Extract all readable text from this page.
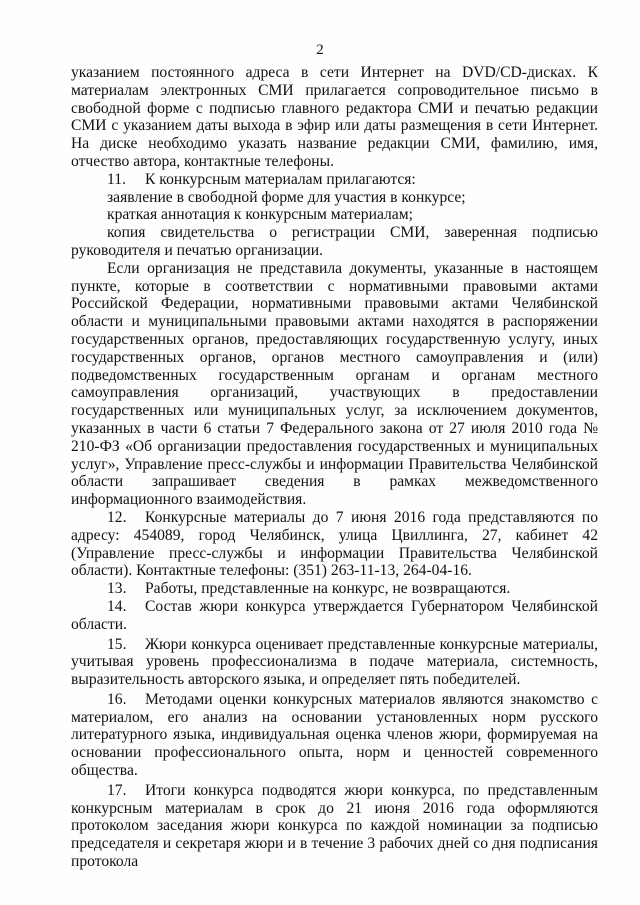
2

указанием постоянного адреса в сети Интернет на DVD/CD-дисках. К материалам электронных СМИ прилагается сопроводительное письмо в свободной форме с подписью главного редактора СМИ и печатью редакции СМИ с указанием даты выхода в эфир или даты размещения в сети Интернет. На диске необходимо указать название редакции СМИ, фамилию, имя, отчество автора, контактные телефоны.

11. К конкурсным материалам прилагаются:

заявление в свободной форме для участия в конкурсе;

краткая аннотация к конкурсным материалам;

копия свидетельства о регистрации СМИ, заверенная подписью руководителя и печатью организации.

Если организация не представила документы, указанные в настоящем пункте, которые в соответствии с нормативными правовыми актами Российской Федерации, нормативными правовыми актами Челябинской области и муниципальными правовыми актами находятся в распоряжении государственных органов, предоставляющих государственную услугу, иных государственных органов, органов местного самоуправления и (или) подведомственных государственным органам и органам местного самоуправления организаций, участвующих в предоставлении государственных или муниципальных услуг, за исключением документов, указанных в части 6 статьи 7 Федерального закона от 27 июля 2010 года № 210-ФЗ «Об организации предоставления государственных и муниципальных услуг», Управление пресс-службы и информации Правительства Челябинской области запрашивает сведения в рамках межведомственного информационного взаимодействия.

12. Конкурсные материалы до 7 июня 2016 года представляются по адресу: 454089, город Челябинск, улица Цвиллинга, 27, кабинет 42 (Управление пресс-службы и информации Правительства Челябинской области). Контактные телефоны: (351) 263-11-13, 264-04-16.

13. Работы, представленные на конкурс, не возвращаются.

14. Состав жюри конкурса утверждается Губернатором Челябинской области.

15. Жюри конкурса оценивает представленные конкурсные материалы, учитывая уровень профессионализма в подаче материала, системность, выразительность авторского языка, и определяет пять победителей.

16. Методами оценки конкурсных материалов являются знакомство с материалом, его анализ на основании установленных норм русского литературного языка, индивидуальная оценка членов жюри, формируемая на основании профессионального опыта, норм и ценностей современного общества.

17. Итоги конкурса подводятся жюри конкурса, по представленным конкурсным материалам в срок до 21 июня 2016 года оформляются протоколом заседания жюри конкурса по каждой номинации за подписью председателя и секретаря жюри и в течение 3 рабочих дней со дня подписания протокола
